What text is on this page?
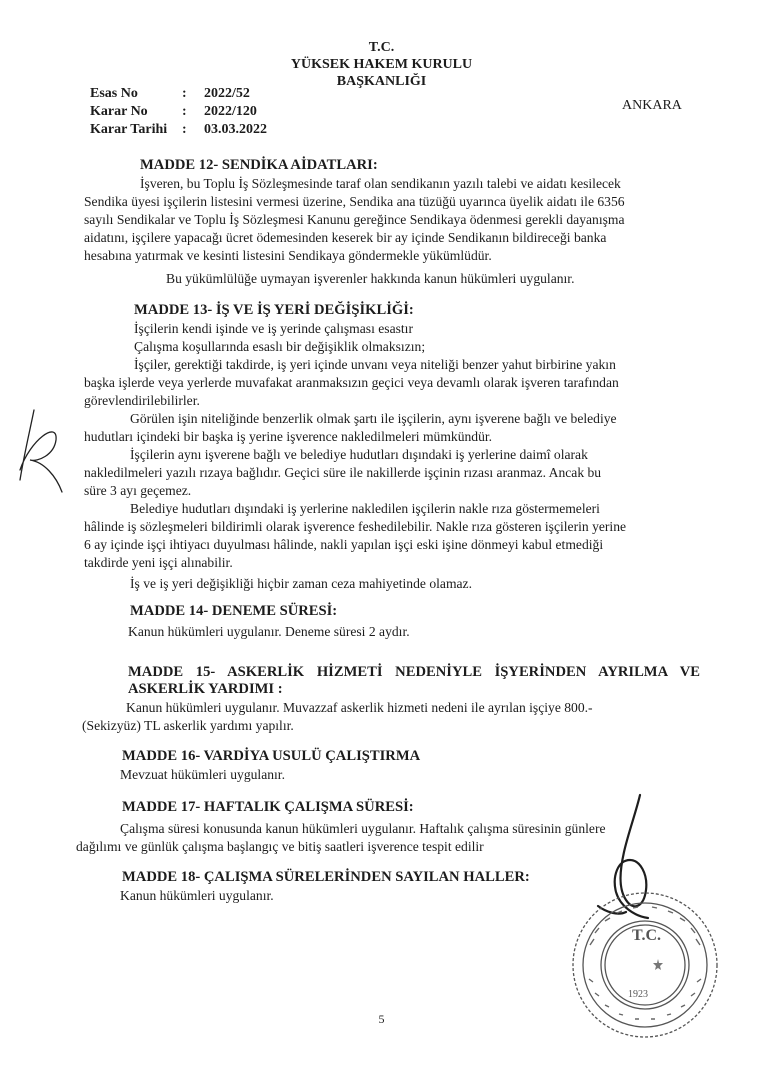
T.C.
YÜKSEK HAKEM KURULU
BAŞKANLIĞI
Esas No	: 2022/52
Karar No : 2022/120
Karar Tarihi : 03.03.2022
ANKARA
MADDE 12- SENDİKA AİDATLARI:
İşveren, bu Toplu İş Sözleşmesinde taraf olan sendikanın yazılı talebi ve aidatı kesilecek
Sendika üyesi işçilerin listesini vermesi üzerine, Sendika ana tüzüğü uyarınca üyelik aidatı ile 6356
sayılı Sendikalar ve Toplu İş Sözleşmesi Kanunu gereğince Sendikaya ödenmesi gerekli dayanışma
aidatını, işçilere yapacağı ücret ödemesinden keserek bir ay içinde Sendikanın bildireceği banka
hesabına yatırmak ve kesinti listesini Sendikaya göndermekle yükümlüdür.
Bu yükümlülüğe uymayan işverenler hakkında kanun hükümleri uygulanır.
MADDE 13- İŞ VE İŞ YERİ DEĞİŞİKLİĞİ:
İşçilerin kendi işinde ve iş yerinde çalışması esastır
Çalışma koşullarında esaslı bir değişiklik olmaksızın;
İşçiler, gerektiği takdirde, iş yeri içinde unvanı veya niteliği benzer yahut birbirine yakın
başka işlerde veya yerlerde muvafakat aranmaksızın geçici veya devamlı olarak işveren tarafından
görevlendirilebilirler.
Görülen işin niteliğinde benzerlik olmak şartı ile işçilerin, aynı işverene bağlı ve belediye
hudutları içindeki bir başka iş yerine işverence nakledilmeleri mümkündür.
İşçilerin aynı işverene bağlı ve belediye hudutları dışındaki iş yerlerine daimî olarak
nakledilmeleri yazılı rızaya bağlıdır. Geçici süre ile nakillerde işçinin rızası aranmaz. Ancak bu
süre 3 ayı geçemez.
Belediye hudutları dışındaki iş yerlerine nakledilen işçilerin nakle rıza göstermemeleri
hâlinde iş sözleşmeleri bildirimli olarak işverence feshedilebilir. Nakle rıza gösteren işçilerin yerine
6 ay içinde işçi ihtiyacı duyulması hâlinde, nakli yapılan işçi eski işine dönmeyi kabul etmediği
takdirde yeni işçi alınabilir.
İş ve iş yeri değişikliği hiçbir zaman ceza mahiyetinde olamaz.
MADDE 14- DENEME SÜRESİ:
Kanun hükümleri uygulanır. Deneme süresi 2 aydır.
MADDE 15- ASKERLİK HİZMETİ NEDENİYLE İŞYERİNDEN AYRILMA VE
ASKERLİK YARDIMI :
Kanun hükümleri uygulanır. Muvazzaf askerlik hizmeti nedeni ile ayrılan işçiye 800.-
(Sekizyüz) TL askerlik yardımı yapılır.
MADDE 16- VARDİYA USULÜ ÇALIŞTIRMA
Mevzuat hükümleri uygulanır.
MADDE 17- HAFTALIK ÇALIŞMA SÜRESİ:
Çalışma süresi konusunda kanun hükümleri uygulanır. Haftalık çalışma süresinin günlere
dağılımı ve günlük çalışma başlangıç ve bitiş saatleri işverence tespit edilir
MADDE 18- ÇALIŞMA SÜRELERİNDEN SAYILAN HALLER:
Kanun hükümleri uygulanır.
5
T.C.
1923
